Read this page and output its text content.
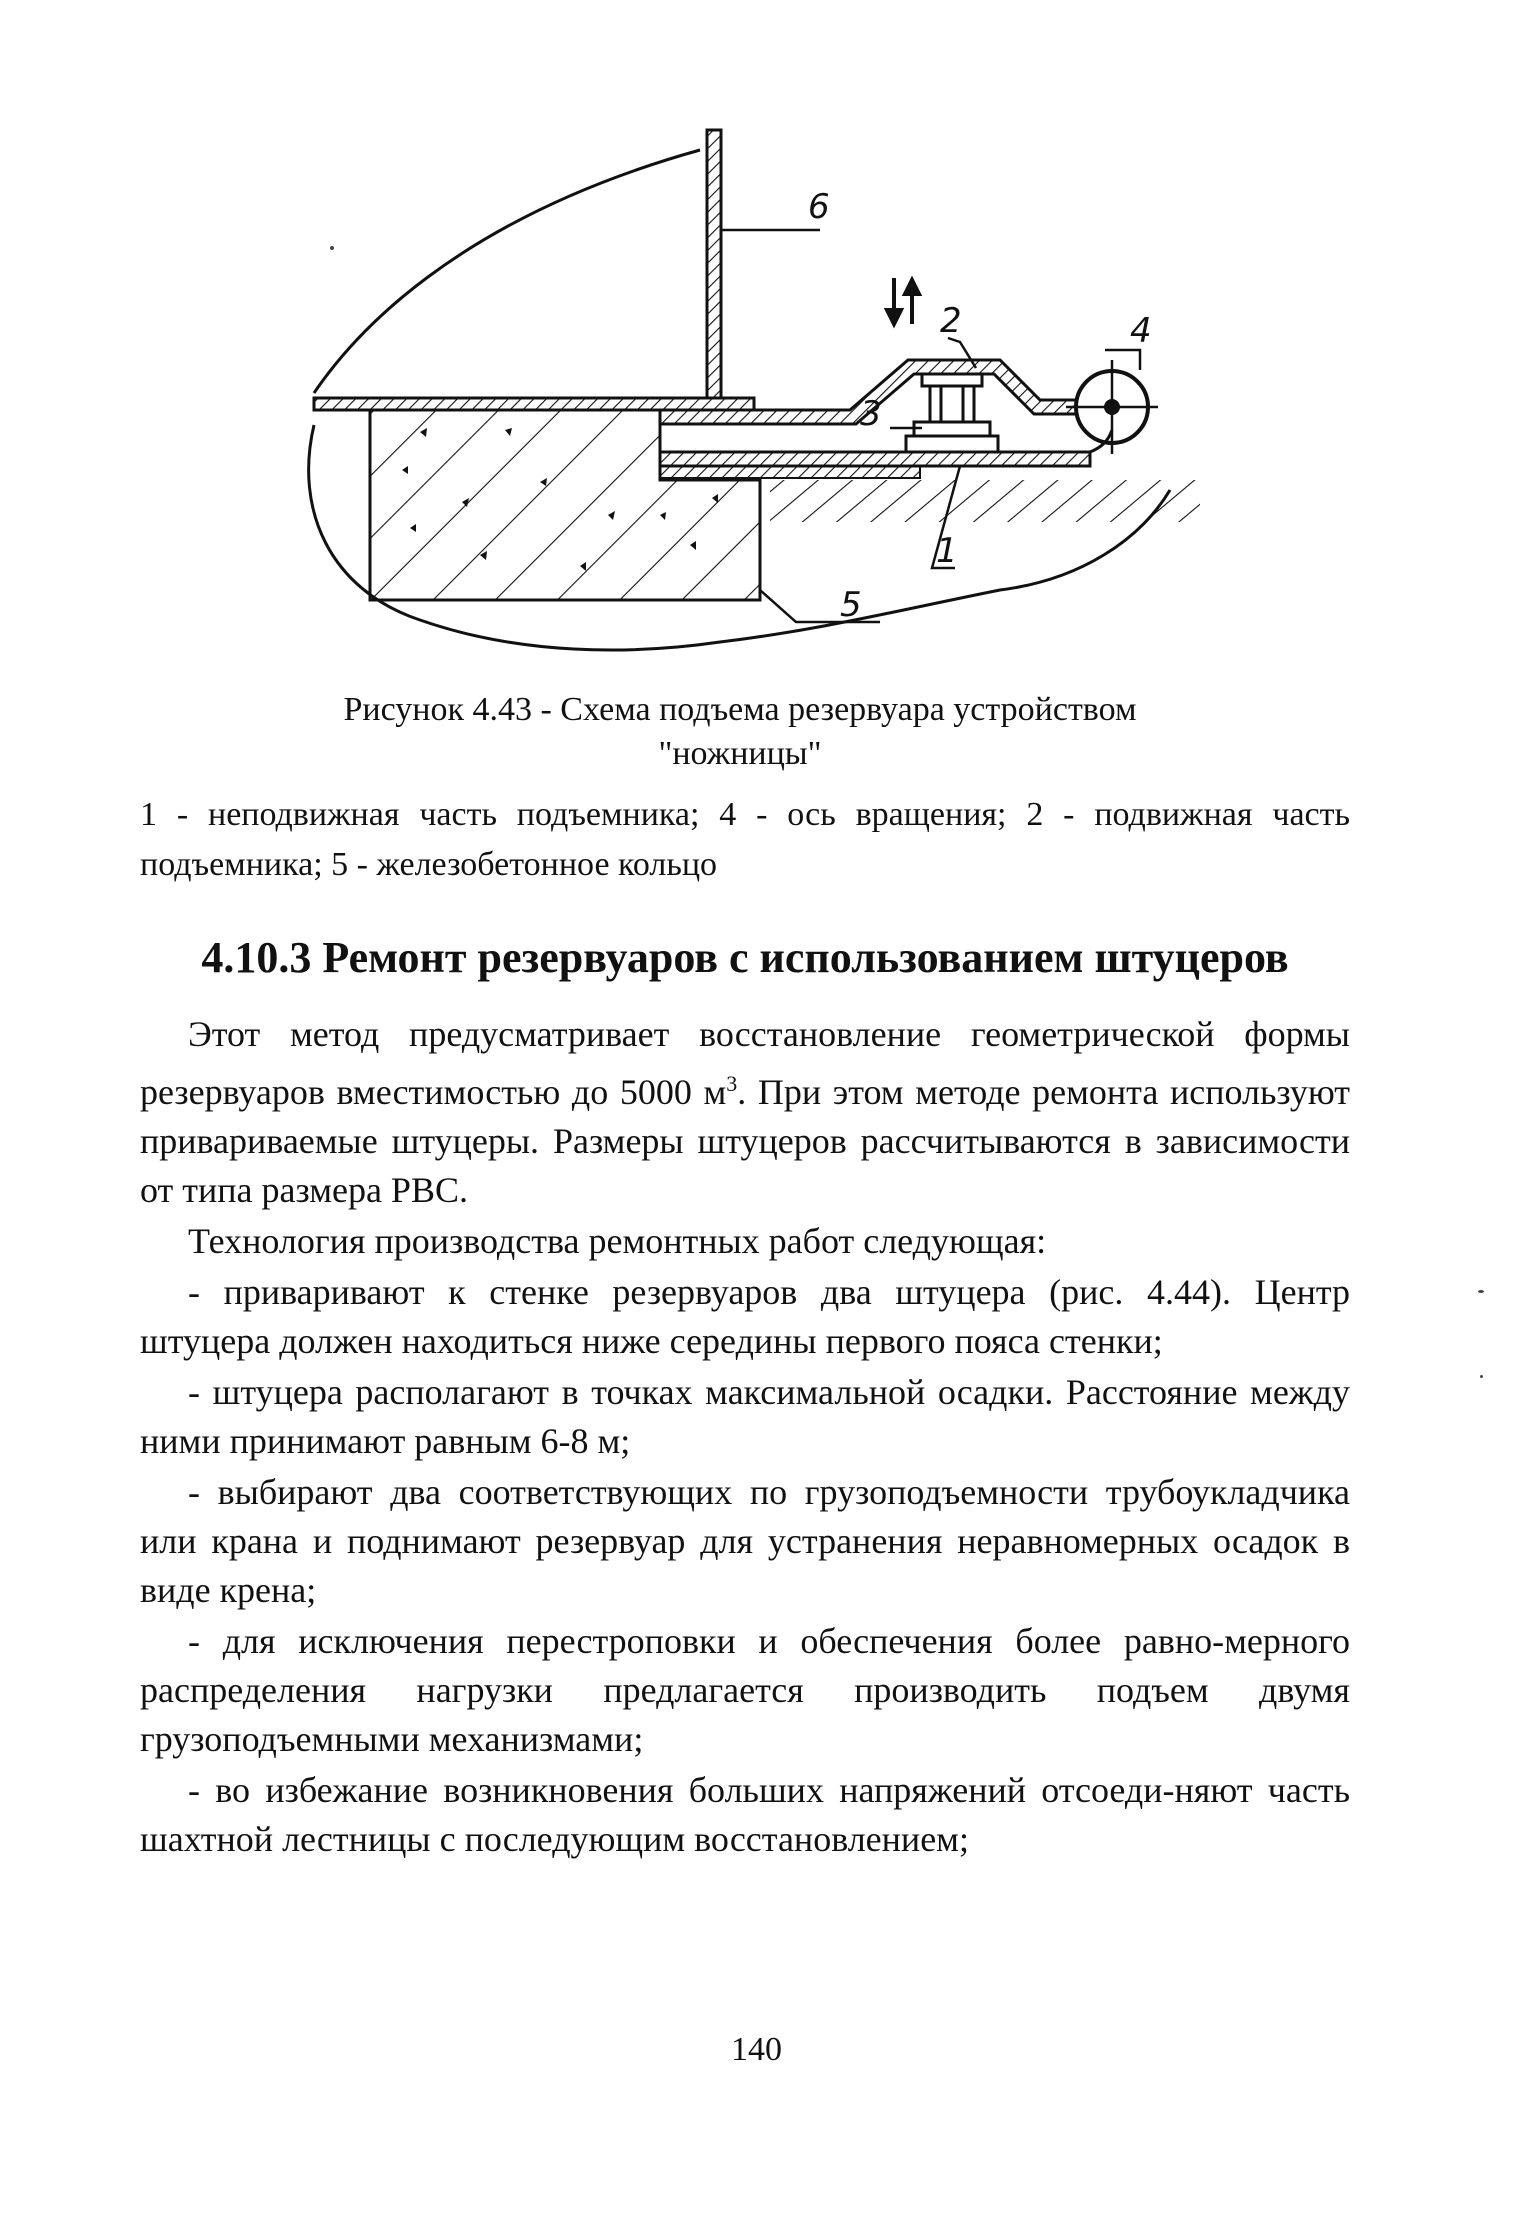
6
2	4
3
1
5
Рисунок 4.43 - Схема подъема резервуара устройством
"ножницы"
1 - неподвижная часть подъемника; 4 - ось вращения; 2 - подвижная часть подъемника; 5 - железобетонное кольцо
4.10.3 Ремонт резервуаров с использованием штуцеров

Этот метод предусматривает восстановление геометрической формы резервуаров вместимостью до 5000 $м^3$. При этом методе ремонта используют привариваемые штуцеры. Размеры штуцеров рассчитываются в зависимости от типа размера РВС.

Технология производства ремонтных работ следующая:

- приваривают к стенке резервуаров два штуцера (рис. 4.44). Центр штуцера должен находиться ниже середины первого пояса стенки;

- штуцера располагают в точках максимальной осадки. Расстояние между ними принимают равным 6-8 м;

- выбирают два соответствующих по грузоподъемности трубоукладчика или крана и поднимают резервуар для устранения неравномерных осадок в виде крена;

- для исключения перестроповки и обеспечения более равно-мерного распределения нагрузки предлагается производить подъем двумя грузоподъемными механизмами;

- во избежание возникновения больших напряжений отсоеди-няют часть шахтной лестницы с последующим восстановлением;

140
